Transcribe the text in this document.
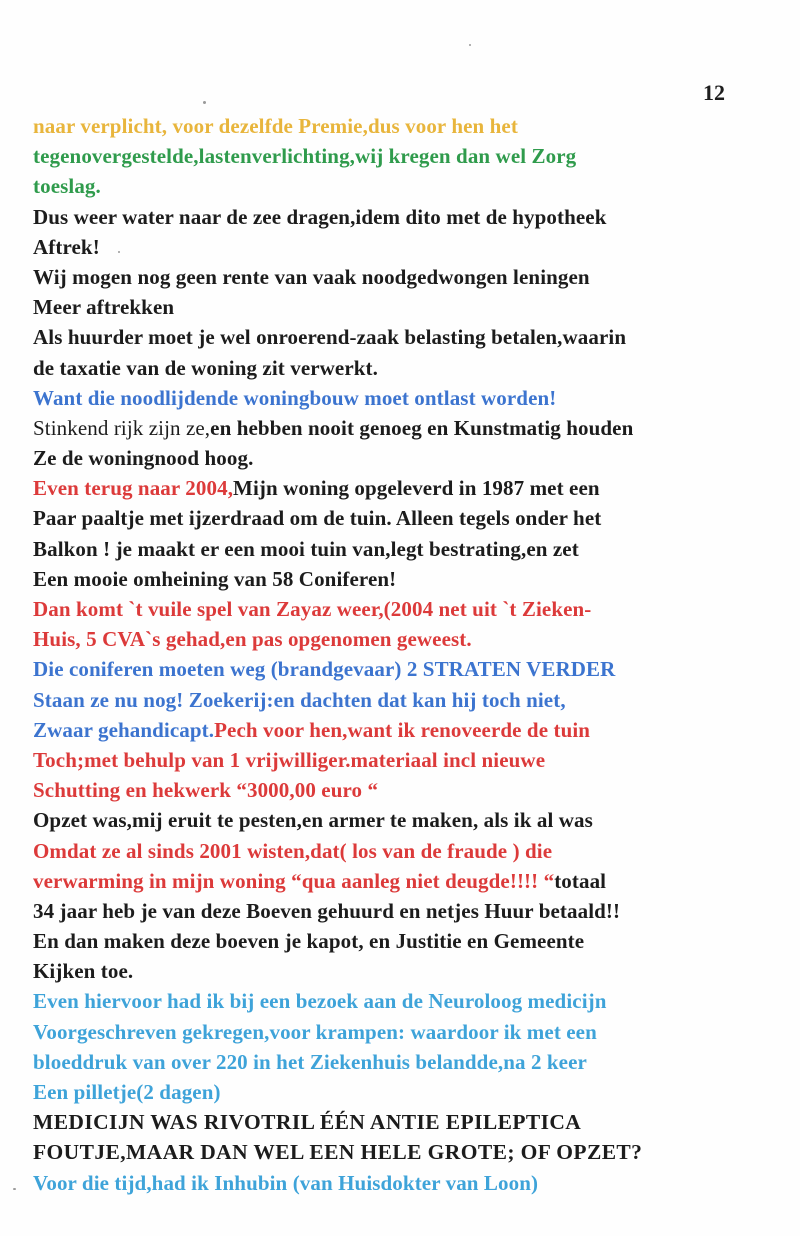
12
naar verplicht, voor dezelfde Premie,dus voor hen het
tegenovergestelde,lastenverlichting,wij kregen dan wel Zorg
toeslag.
Dus weer water naar de zee dragen,idem dito met de hypotheek
Aftrek!
Wij mogen nog geen rente van vaak noodgedwongen leningen
Meer aftrekken
Als huurder moet je wel onroerend-zaak belasting betalen,waarin
de taxatie van de woning zit verwerkt.
Want die noodlijdende woningbouw moet ontlast worden!
Stinkend rijk zijn ze,en hebben nooit genoeg en Kunstmatig houden
Ze de woningnood hoog.
Even terug naar 2004,Mijn woning opgeleverd in 1987 met een
Paar paaltje met ijzerdraad om de tuin. Alleen tegels onder het
Balkon ! je maakt er een mooi tuin van,legt bestrating,en zet
Een mooie omheining van 58 Coniferen!
Dan komt `t vuile spel van Zayaz weer,(2004 net uit `t Zieken-
Huis, 5 CVA`s gehad,en pas opgenomen geweest.
Die coniferen moeten weg (brandgevaar) 2 STRATEN VERDER
Staan ze nu nog! Zoekerij:en dachten dat kan hij toch niet,
Zwaar gehandicapt.Pech voor hen,want ik renoveerde de tuin
Toch;met behulp van 1 vrijwilliger.materiaal incl nieuwe
Schutting en hekwerk “3000,00 euro “
Opzet was,mij eruit te pesten,en armer te maken, als ik al was
Omdat ze al sinds 2001 wisten,dat( los van de fraude ) die
verwarming in mijn woning “qua aanleg niet deugde!!!! “totaal
34 jaar heb je van deze Boeven gehuurd en netjes Huur betaald!!
En dan maken deze boeven je kapot, en Justitie en Gemeente
Kijken toe.
Even hiervoor had ik bij een bezoek aan de Neuroloog medicijn
Voorgeschreven gekregen,voor krampen: waardoor ik met een
bloeddruk van over 220 in het Ziekenhuis belandde,na 2 keer
Een pilletje(2 dagen)
MEDICIJN WAS RIVOTRIL ÉÉN ANTIE EPILEPTICA
FOUTJE,MAAR DAN WEL EEN HELE GROTE; OF OPZET?
Voor die tijd,had ik Inhubin (van Huisdokter van Loon)
